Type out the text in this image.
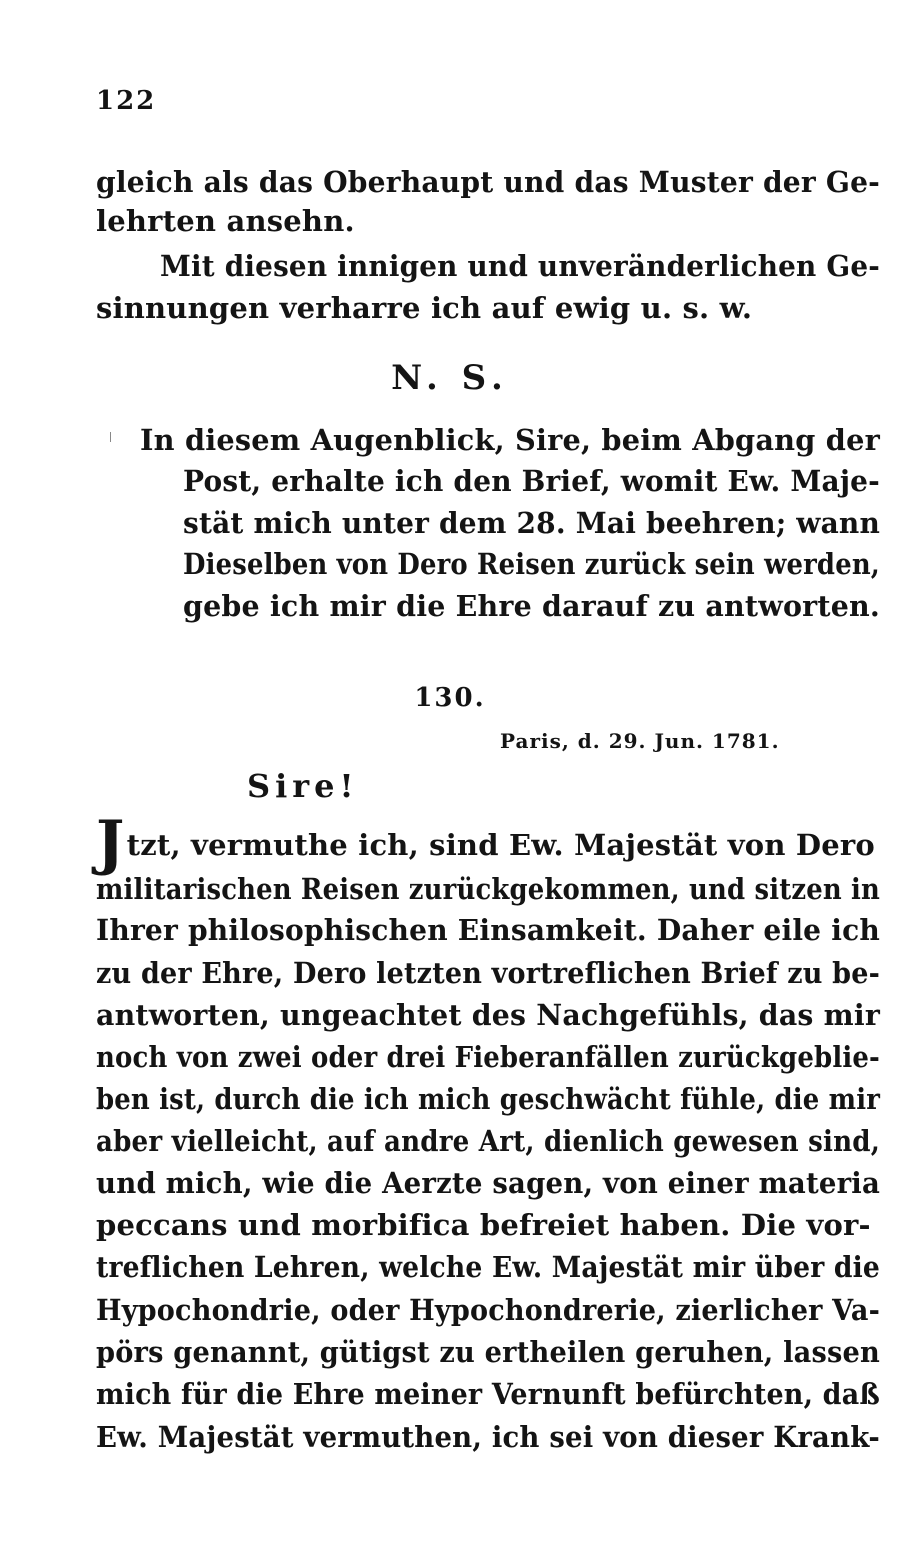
122
gleich als das Oberhaupt und das Muster der Ge-
lehrten ansehn.
Mit diesen innigen und unveränderlichen Ge-
sinnungen verharre ich auf ewig u. s. w.
N. S.
In diesem Augenblick, Sire, beim Abgang der
Post, erhalte ich den Brief, womit Ew. Maje-
stät mich unter dem 28. Mai beehren; wann
Dieselben von Dero Reisen zurück sein werden,
gebe ich mir die Ehre darauf zu antworten.
130.
Paris, d. 29. Jun. 1781.
Sire!
Jtzt, vermuthe ich, sind Ew. Majestät von Dero
militarischen Reisen zurückgekommen, und sitzen in
Ihrer philosophischen Einsamkeit. Daher eile ich
zu der Ehre, Dero letzten vortreflichen Brief zu be-
antworten, ungeachtet des Nachgefühls, das mir
noch von zwei oder drei Fieberanfällen zurückgeblie-
ben ist, durch die ich mich geschwächt fühle, die mir
aber vielleicht, auf andre Art, dienlich gewesen sind,
und mich, wie die Aerzte sagen, von einer materia
peccans und morbifica befreiet haben. Die vor-
treflichen Lehren, welche Ew. Majestät mir über die
Hypochondrie, oder Hypochondrerie, zierlicher Va-
pörs genannt, gütigst zu ertheilen geruhen, lassen
mich für die Ehre meiner Vernunft befürchten, daß
Ew. Majestät vermuthen, ich sei von dieser Krank-
